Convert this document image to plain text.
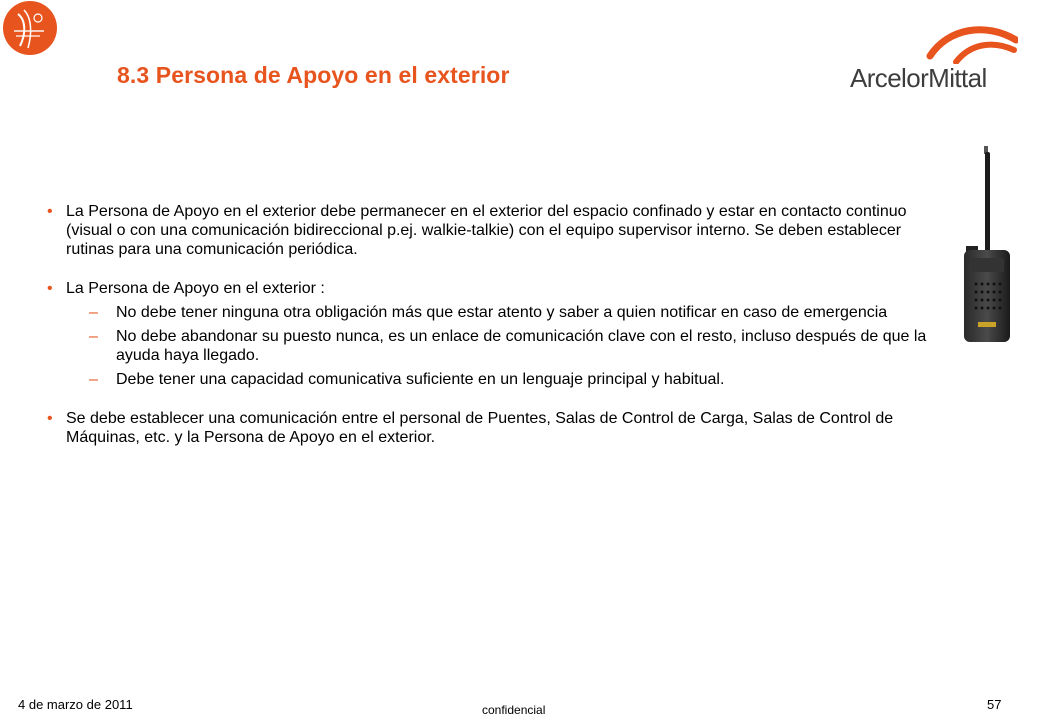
8.3 Persona de Apoyo en el exterior	ArcelorMittal

• La Persona de Apoyo en el exterior debe permanecer en el exterior del espacio confinado y estar en contacto continuo (visual o con una comunicación bidireccional p.ej. walkie-talkie) con el equipo supervisor interno. Se deben establecer rutinas para una comunicación periódica.

• La Persona de Apoyo en el exterior :

– No debe tener ninguna otra obligación más que estar atento y saber a quien notificar en caso de emergencia
– No debe abandonar su puesto nunca, es un enlace de comunicación clave con el resto, incluso después de que la ayuda haya llegado.
– Debe tener una capacidad comunicativa suficiente en un lenguaje principal y habitual.

• Se debe establecer una comunicación entre el personal de Puentes, Salas de Control de Carga, Salas de Control de Máquinas, etc. y la Persona de Apoyo en el exterior.

4 de marzo de 2011	confidencial	57
